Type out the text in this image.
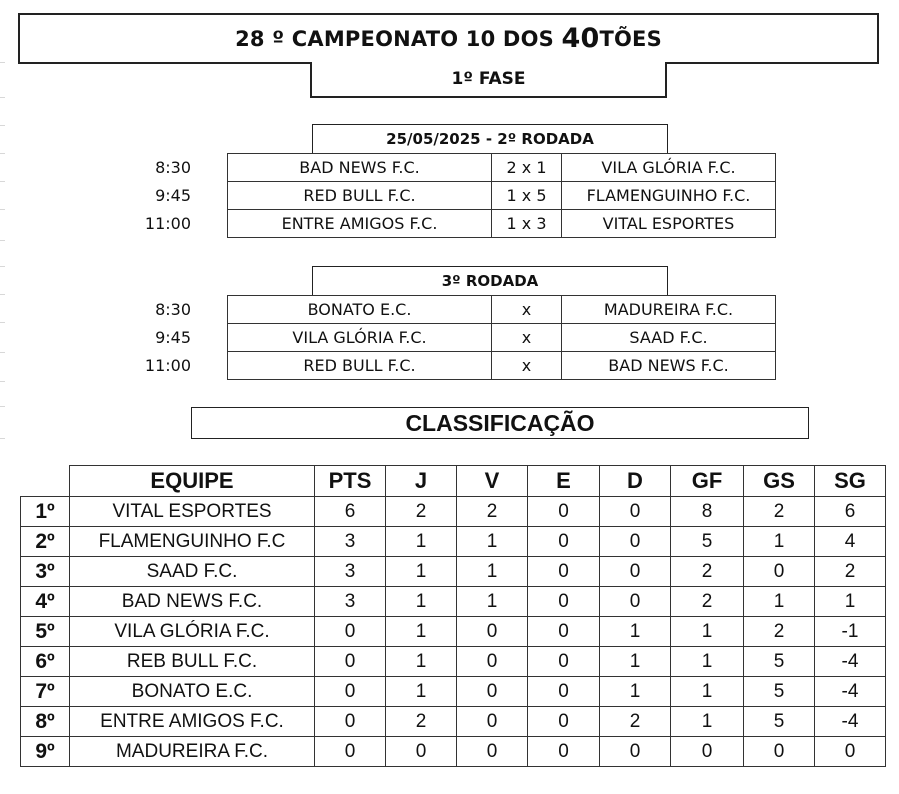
28 º CAMPEONATO 10 DOS 40 TÕES
1º FASE
25/05/2025 - 2º RODADA
8:30	BAD NEWS F.C.	2 x 1	VILA GLÓRIA F.C.
9:45	RED BULL F.C.	1 x 5	FLAMENGUINHO F.C.
11:00	ENTRE AMIGOS F.C.	1 x 3	VITAL ESPORTES
3º RODADA
8:30	BONATO E.C.	x	MADUREIRA F.C.
9:45	VILA GLÓRIA F.C.	x	SAAD F.C.
11:00	RED BULL F.C.	x	BAD NEWS F.C.
CLASSIFICAÇÃO
	EQUIPE	PTS	J	V	E	D	GF	GS	SG
1º	VITAL ESPORTES	6	2	2	0	0	8	2	6
2º	FLAMENGUINHO F.C	3	1	1	0	0	5	1	4
3º	SAAD F.C.	3	1	1	0	0	2	0	2
4º	BAD NEWS F.C.	3	1	1	0	0	2	1	1
5º	VILA GLÓRIA F.C.	0	1	0	0	1	1	2	-1
6º	REB BULL F.C.	0	1	0	0	1	1	5	-4
7º	BONATO E.C.	0	1	0	0	1	1	5	-4
8º	ENTRE AMIGOS F.C.	0	2	0	0	2	1	5	-4
9º	MADUREIRA F.C.	0	0	0	0	0	0	0	0
